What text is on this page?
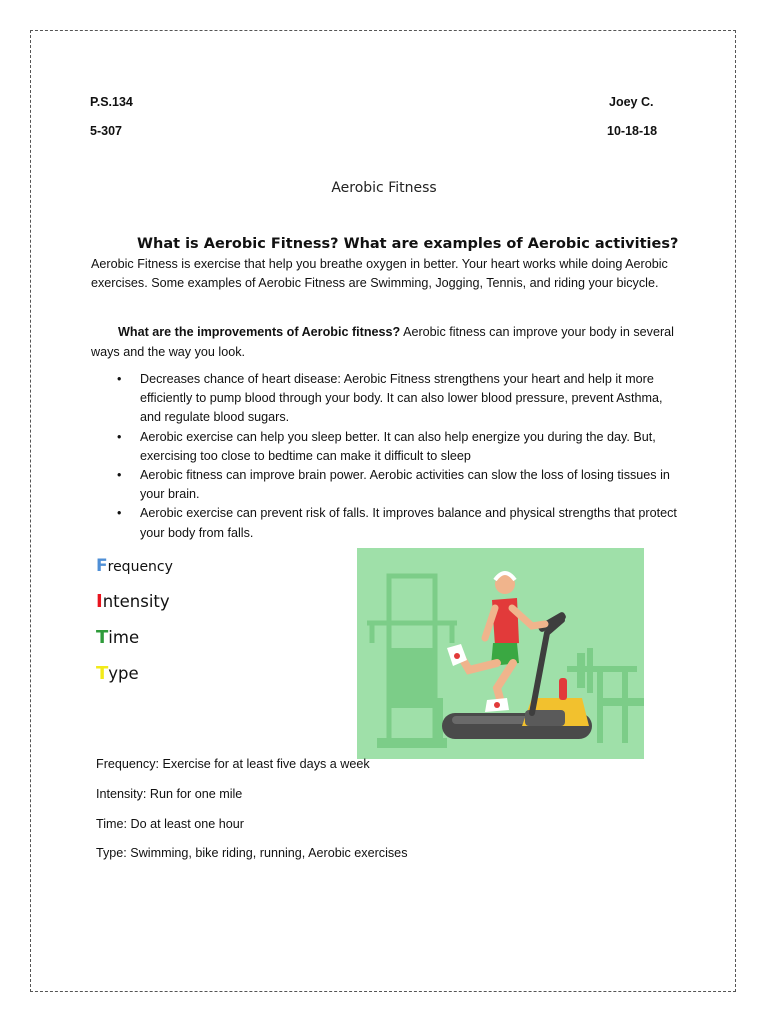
P.S.134
5-307
Joey C.
10-18-18
Aerobic Fitness
What is Aerobic Fitness? What are examples of Aerobic activities? Aerobic Fitness is exercise that help you breathe oxygen in better. Your heart works while doing Aerobic exercises. Some examples of Aerobic Fitness are Swimming, Jogging, Tennis, and riding your bicycle.
What are the improvements of Aerobic fitness? Aerobic fitness can improve your body in several ways and the way you look.
• Decreases chance of heart disease: Aerobic Fitness strengthens your heart and help it more efficiently to pump blood through your body. It can also lower blood pressure, prevent Asthma, and regulate blood sugars.
• Aerobic exercise can help you sleep better. It can also help energize you during the day. But, exercising too close to bedtime can make it difficult to sleep
• Aerobic fitness can improve brain power. Aerobic activities can slow the loss of losing tissues in your brain.
• Aerobic exercise can prevent risk of falls. It improves balance and physical strengths that protect your body from falls.
Frequency
Intensity
Time
Type
Frequency: Exercise for at least five days a week
Intensity: Run for one mile
Time: Do at least one hour
Type: Swimming, bike riding, running, Aerobic exercises
